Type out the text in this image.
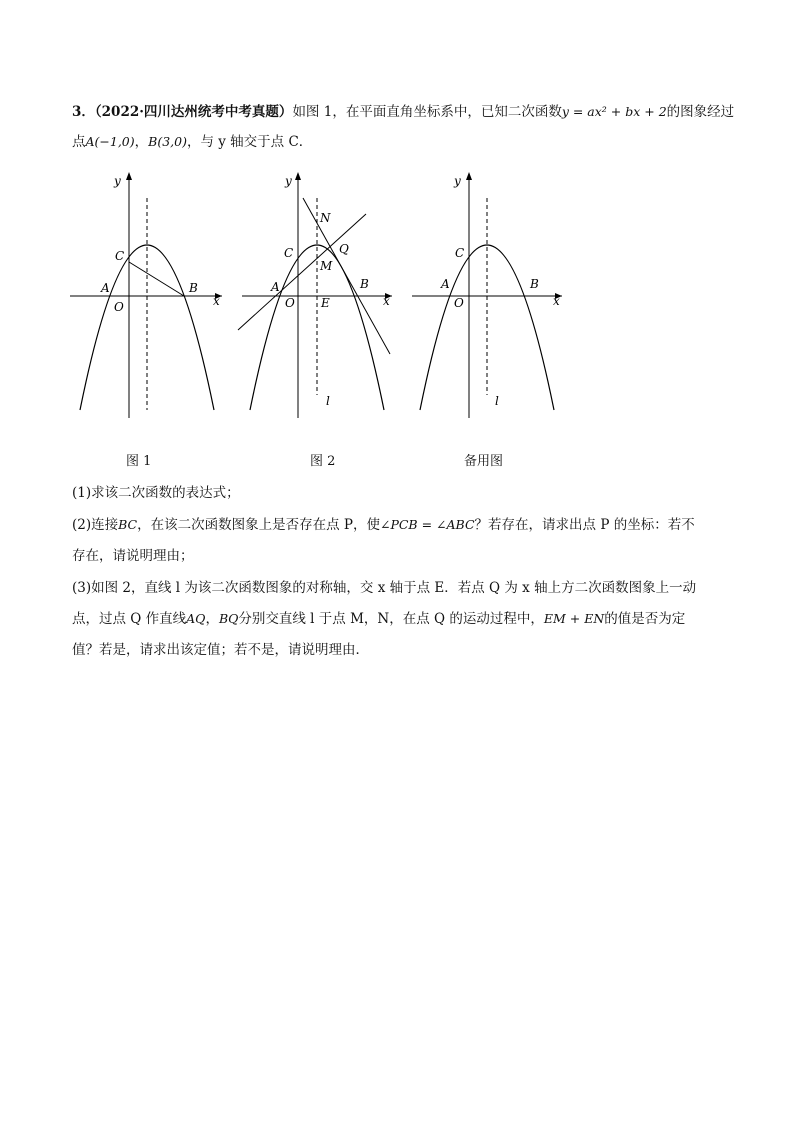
3．（2022·四川达州统考中考真题）如图 1，在平面直角坐标系中，已知二次函数y = ax² + bx + 2的图象经过
点A(−1,0)，B(3,0)，与 y 轴交于点 C．
y
x
C
A	B
O
y
x
N
C	Q
M
A	B
O E
l
y
x
C
A	B
O
l
图 1	图 2	备用图
(1)求该二次函数的表达式；
(2)连接BC，在该二次函数图象上是否存在点 P，使∠PCB = ∠ABC？若存在，请求出点 P 的坐标：若不
存在，请说明理由；
(3)如图 2，直线 l 为该二次函数图象的对称轴，交 x 轴于点 E．若点 Q 为 x 轴上方二次函数图象上一动
点，过点 Q 作直线AQ，BQ分别交直线 l 于点 M，N，在点 Q 的运动过程中，EM + EN的值是否为定
值？若是，请求出该定值；若不是，请说明理由．
